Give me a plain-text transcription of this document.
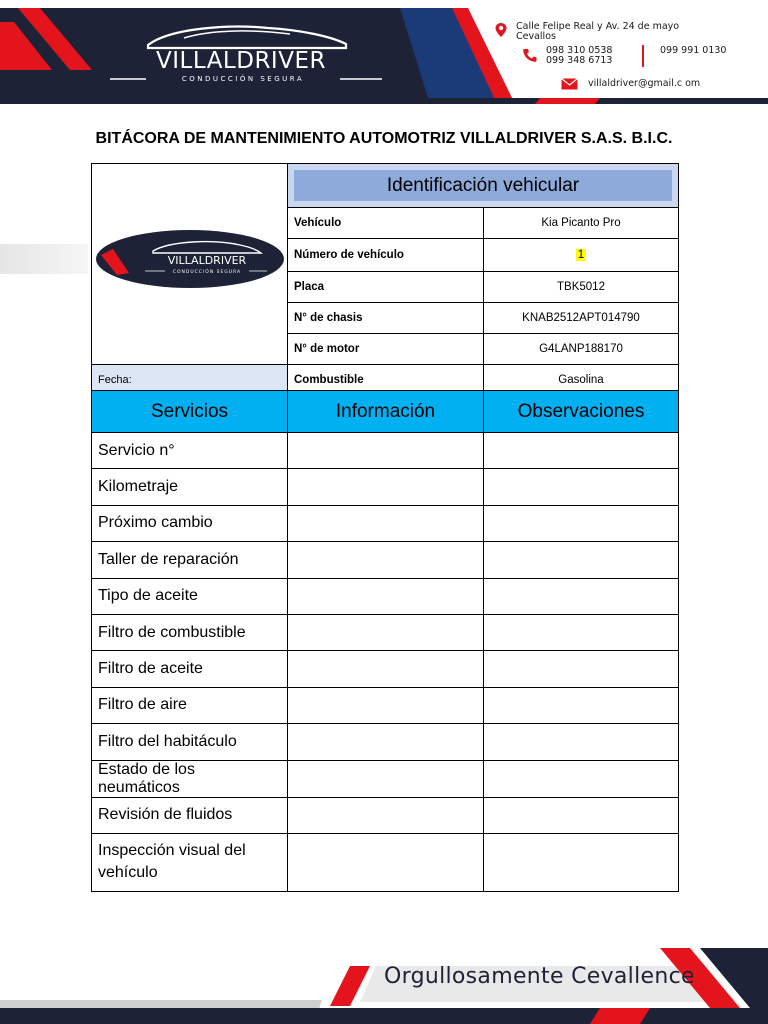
VILLALDRIVER
CONDUCCIÓN SEGURA
Calle Felipe Real y Av. 24 de mayo
Cevallos
098 310 0538
099 348 6713
099 991 0130
villaldriver@gmail.c om
BITÁCORA DE MANTENIMIENTO AUTOMOTRIZ VILLALDRIVER S.A.S. B.I.C.
VILLALDRIVER
CONDUCCIÓN SEGURA	Identificación vehicular	

	Vehículo	Kia Picanto Pro
	Número de vehículo	1
	Placa	TBK5012
	N° de chasis	KNAB2512APT014790
	N° de motor	G4LANP188170
Fecha:	Combustible	Gasolina
Servicios	Información	Observaciones
Servicio n°		
Kilometraje		
Próximo cambio		
Taller de reparación		
Tipo de aceite		
Filtro de combustible		
Filtro de aceite		
Filtro de aire		
Filtro del habitáculo		
Estado de los neumáticos		
Revisión de fluidos		
Inspección visual del vehículo		
Orgullosamente Cevallence
